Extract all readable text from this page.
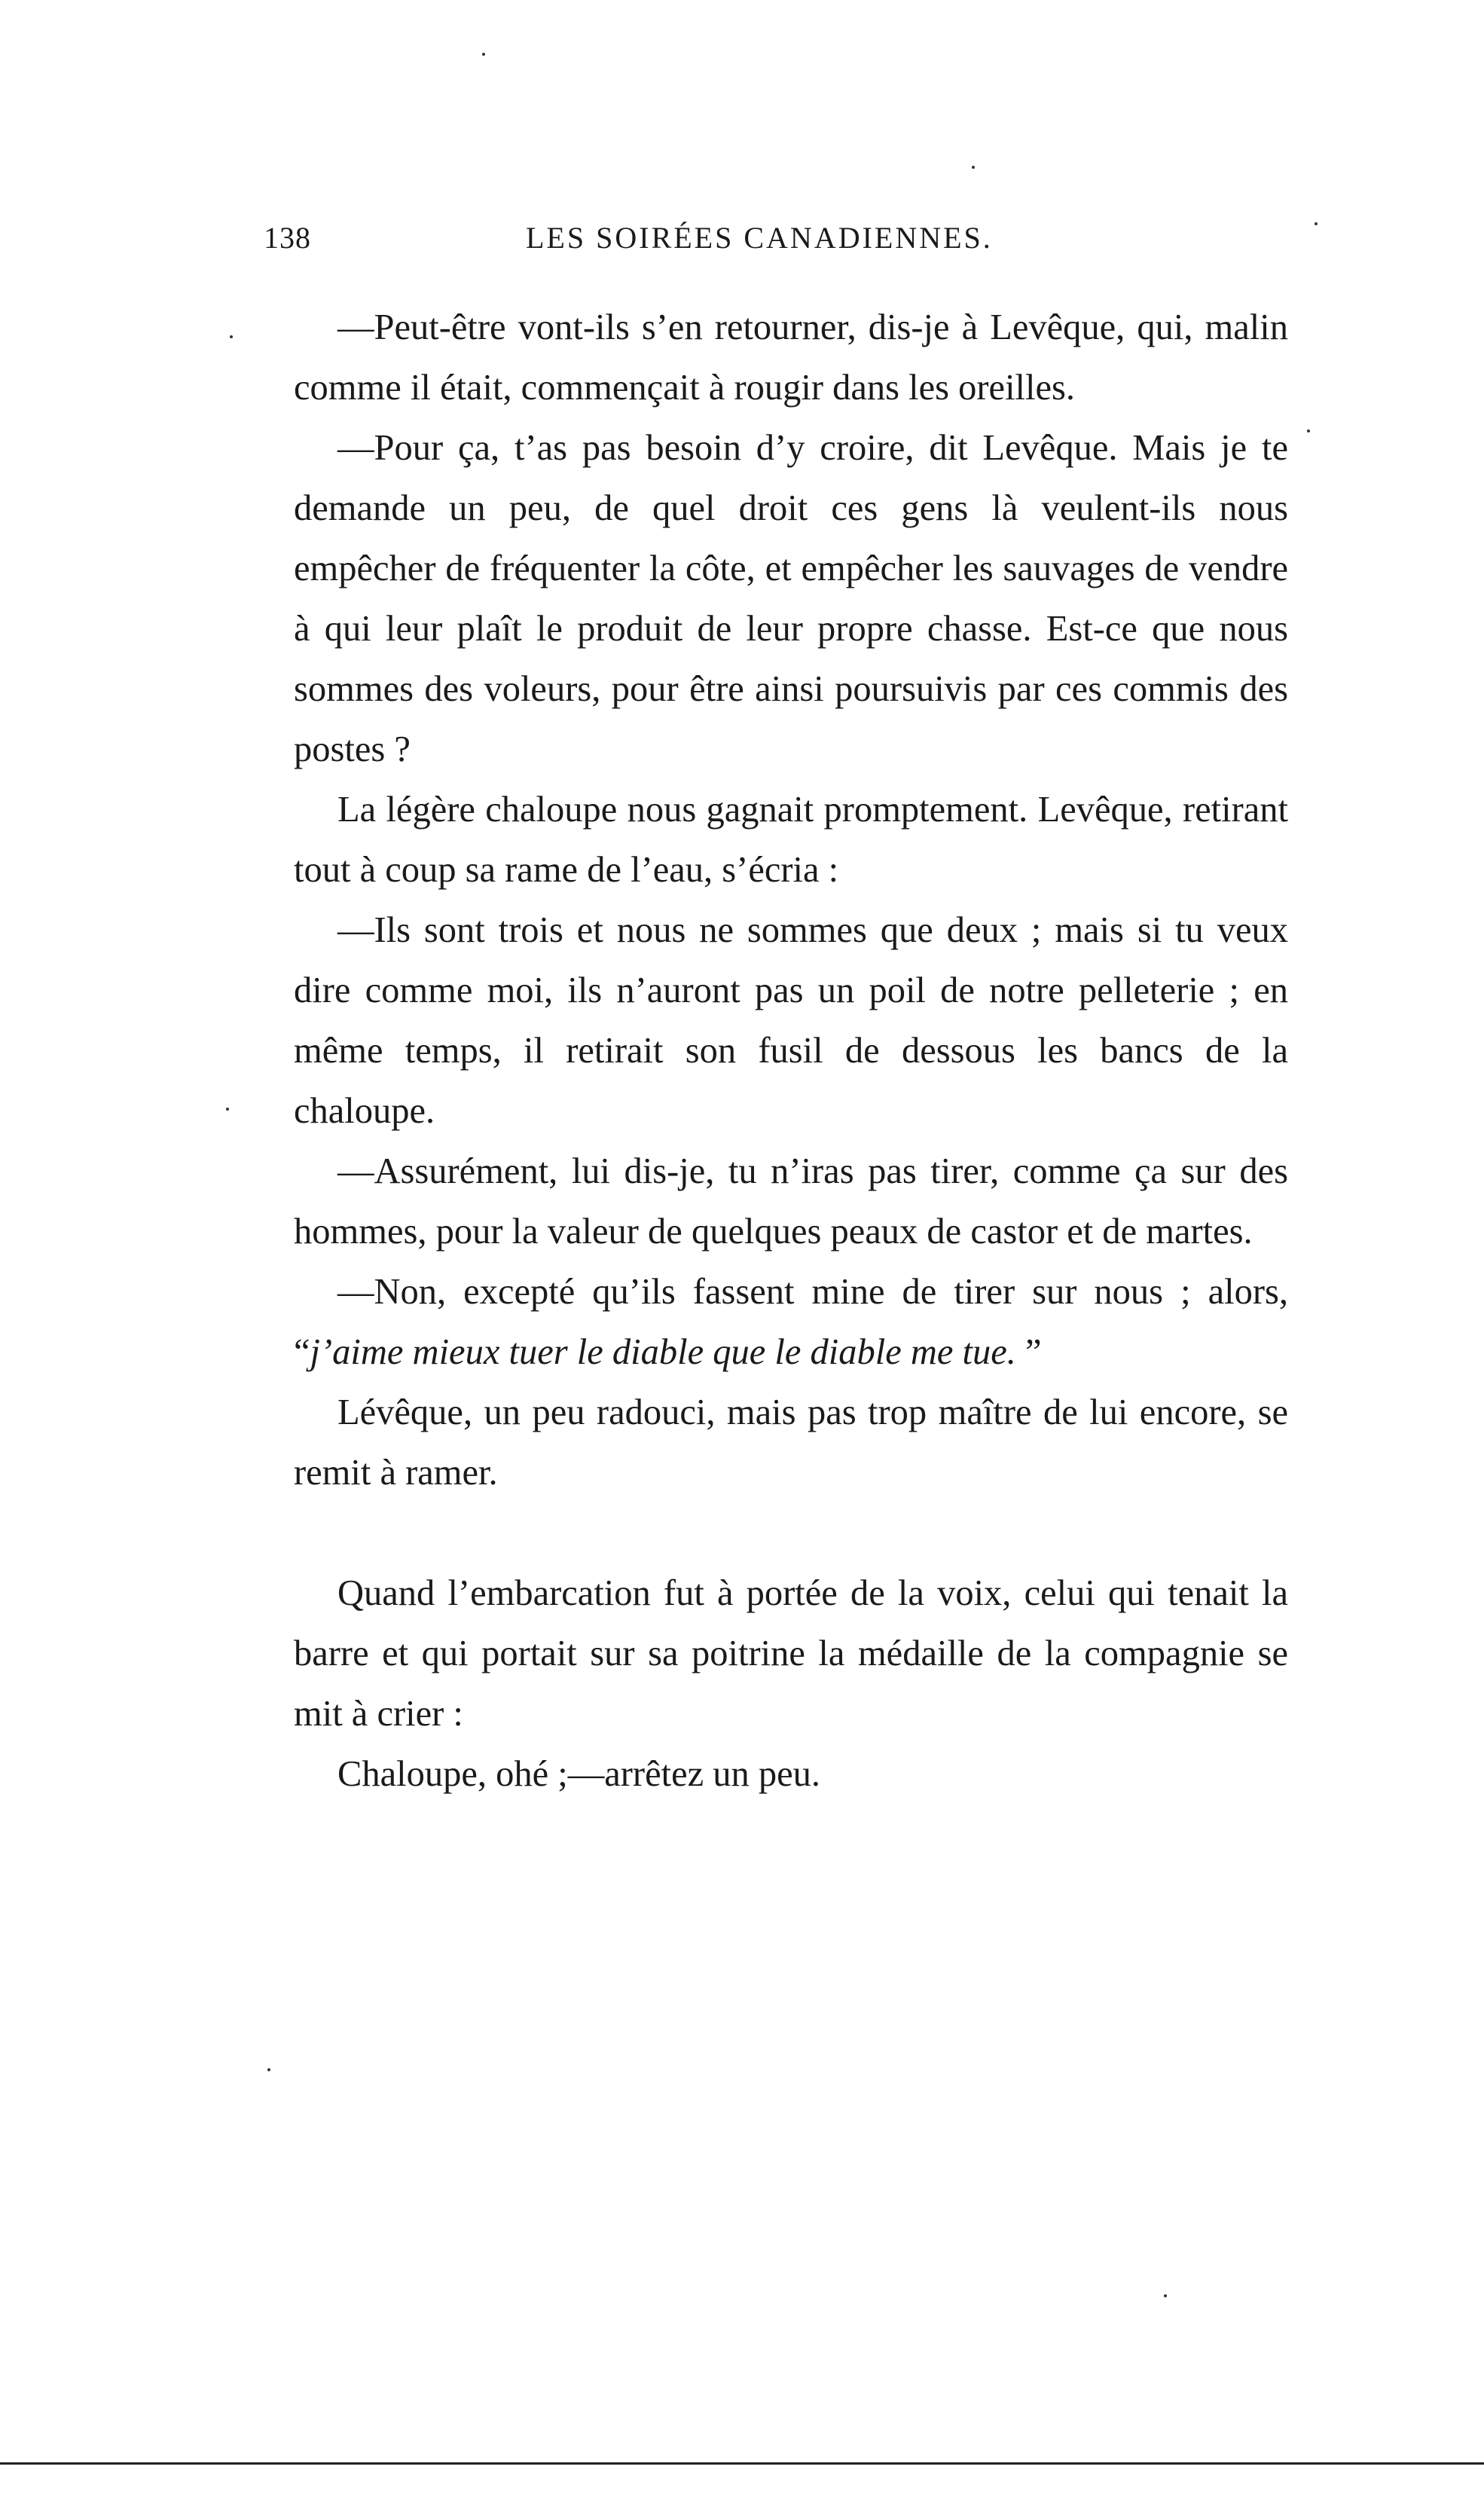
138	LES SOIRÉES CANADIENNES.

—Peut-être vont-ils s’en retourner, dis-je à Levêque, qui, malin comme il était, commençait à rougir dans les oreilles.

—Pour ça, t’as pas besoin d’y croire, dit Levêque. Mais je te demande un peu, de quel droit ces gens là veulent-ils nous empêcher de fréquenter la côte, et empêcher les sauvages de vendre à qui leur plaît le produit de leur propre chasse. Est-ce que nous sommes des voleurs, pour être ainsi poursuivis par ces commis des postes ?

La légère chaloupe nous gagnait promptement. Levêque, retirant tout à coup sa rame de l’eau, s’écria :

—Ils sont trois et nous ne sommes que deux ; mais si tu veux dire comme moi, ils n’auront pas un poil de notre pelleterie ; en même temps, il retirait son fusil de dessous les bancs de la chaloupe.

—Assurément, lui dis-je, tu n’iras pas tirer, comme ça sur des hommes, pour la valeur de quelques peaux de castor et de martes.

—Non, excepté qu’ils fassent mine de tirer sur nous ; alors, “j’aime mieux tuer le diable que le diable me tue. ”

Lévêque, un peu radouci, mais pas trop maître de lui encore, se remit à ramer.

Quand l’embarcation fut à portée de la voix, celui qui tenait la barre et qui portait sur sa poitrine la médaille de la compagnie se mit à crier :

Chaloupe, ohé ;—arrêtez un peu.
